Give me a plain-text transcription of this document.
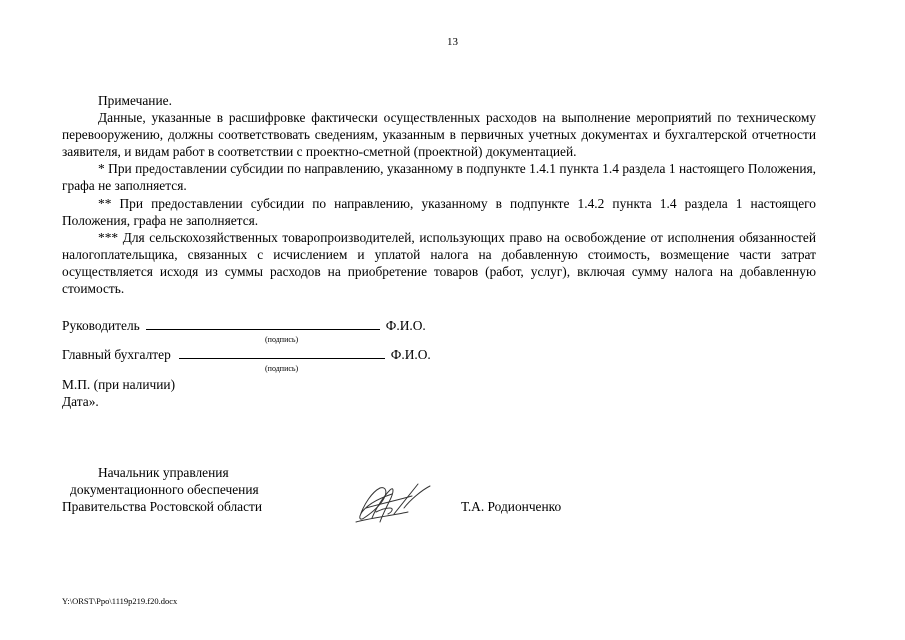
13

Примечание.

Данные, указанные в расшифровке фактически осуществленных расходов на выполнение мероприятий по техническому перевооружению, должны соответствовать сведениям, указанным в первичных учетных документах и бухгалтерской отчетности заявителя, и видам работ в соответствии с проектно-сметной (проектной) документацией.

* При предоставлении субсидии по направлению, указанному в подпункте 1.4.1 пункта 1.4 раздела 1 настоящего Положения, графа не заполняется.

** При предоставлении субсидии по направлению, указанному в подпункте 1.4.2 пункта 1.4 раздела 1 настоящего Положения, графа не заполняется.

*** Для сельскохозяйственных товаропроизводителей, использующих право на освобождение от исполнения обязанностей налогоплательщика, связанных с исчислением и уплатой налога на добавленную стоимость, возмещение части затрат осуществляется исходя из суммы расходов на приобретение товаров (работ, услуг), включая сумму налога на добавленную стоимость.

Руководитель	Ф.И.О.
(подпись)
Главный бухгалтер	Ф.И.О.
(подпись)
М.П. (при наличии)
Дата».
Начальник управления
документационного обеспечения
Правительства Ростовской области	Т.А. Родионченко
Y:\ORST\Ppo\1119p219.f20.docx
